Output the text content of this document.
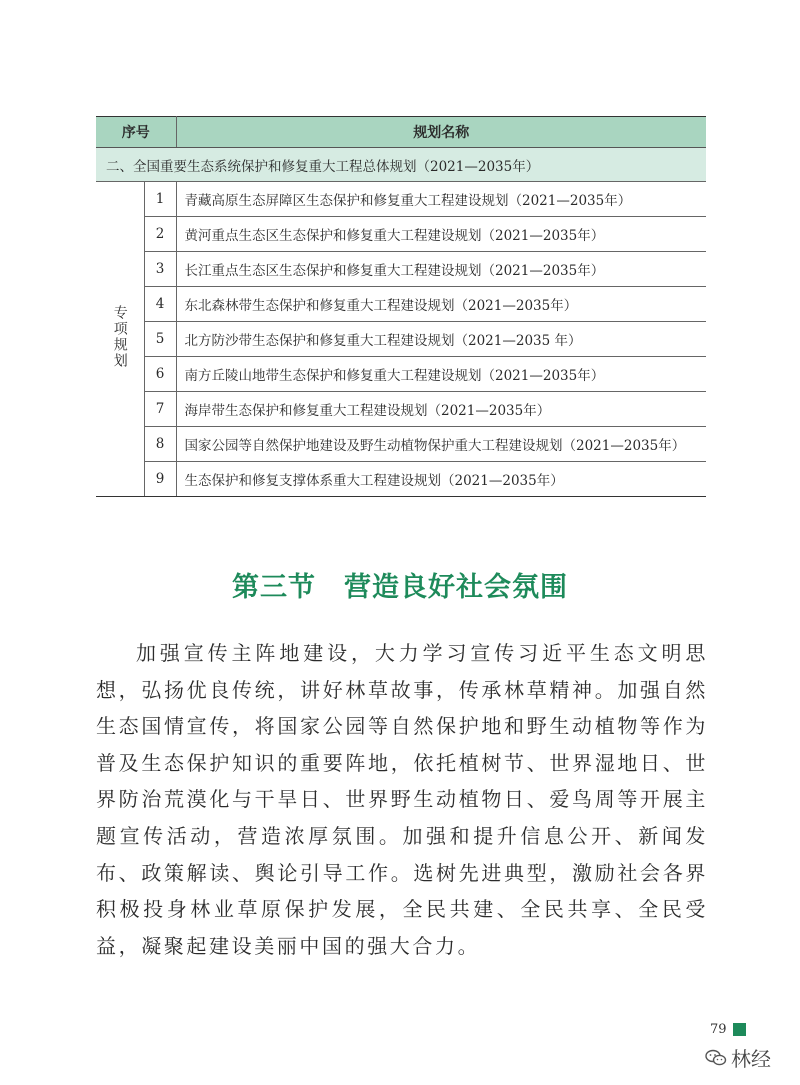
序号		规划名称
二、全国重要生态系统保护和修复重大工程总体规划（2021—2035年）		
专项规划	1	青藏高原生态屏障区生态保护和修复重大工程建设规划（2021—2035年）
	2	黄河重点生态区生态保护和修复重大工程建设规划（2021—2035年）
	3	长江重点生态区生态保护和修复重大工程建设规划（2021—2035年）
	4	东北森林带生态保护和修复重大工程建设规划（2021—2035年）
	5	北方防沙带生态保护和修复重大工程建设规划（2021—2035 年）
	6	南方丘陵山地带生态保护和修复重大工程建设规划（2021—2035年）
	7	海岸带生态保护和修复重大工程建设规划（2021—2035年）
	8	国家公园等自然保护地建设及野生动植物保护重大工程建设规划（2021—2035年）
	9	生态保护和修复支撑体系重大工程建设规划（2021—2035年）
第三节　营造良好社会氛围

加强宣传主阵地建设，大力学习宣传习近平生态文明思想，弘扬优良传统，讲好林草故事，传承林草精神。加强自然生态国情宣传，将国家公园等自然保护地和野生动植物等作为普及生态保护知识的重要阵地，依托植树节、世界湿地日、世界防治荒漠化与干旱日、世界野生动植物日、爱鸟周等开展主题宣传活动，营造浓厚氛围。加强和提升信息公开、新闻发布、政策解读、舆论引导工作。选树先进典型，激励社会各界积极投身林业草原保护发展，全民共建、全民共享、全民受益，凝聚起建设美丽中国的强大合力。

79
林经
